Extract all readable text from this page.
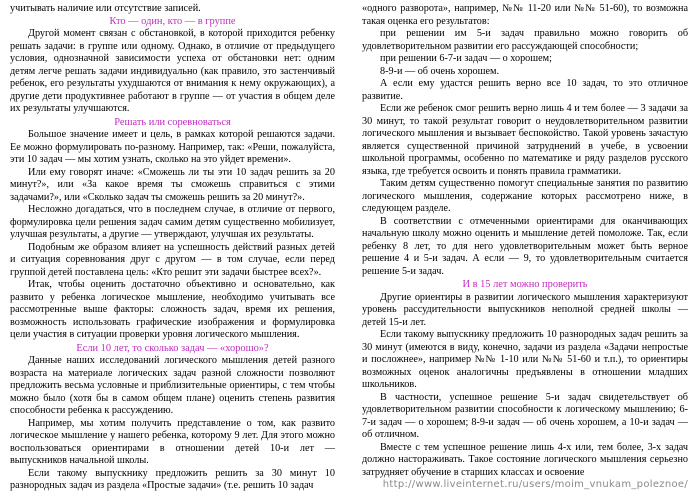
учитывать наличие или отсутствие записей.

Кто — один, кто — в группе

Другой момент связан с обстановкой, в которой приходится ребенку решать задачи: в группе или одному. Однако, в отличие от предыдущего условия, однозначной зависимости успеха от обстановки нет: одним детям легче решать задачи индивидуально (как правило, это застенчивый ребенок, его результаты ухудшаются от внимания к нему окружающих), а другие дети продуктивнее работают в группе — от участия в общем деле их результаты улучшаются.

Решать или соревноваться

Большое значение имеет и цель, в рамках которой решаются задачи. Ее можно формулировать по-разному. Например, так: «Реши, пожалуйста, эти 10 задач — мы хотим узнать, сколько на это уйдет времени».

Или ему говорят иначе: «Сможешь ли ты эти 10 задач решить за 20 минут?», или «За какое время ты сможешь справиться с этими задачами?», или «Сколько задач ты сможешь решить за 20 минут?».

Несложно догадаться, что в последнем случае, в отличие от первого, формулировка цели решения задач самим детям существенно мобилизует, улучшая результаты, а другие — утверждают, улучшая их результаты.

Подобным же образом влияет на успешность действий разных детей и ситуация соревнования друг с другом — в том случае, если перед группой детей поставлена цель: «Кто решит эти задачи быстрее всех?».

Итак, чтобы оценить достаточно объективно и основательно, как развито у ребенка логическое мышление, необходимо учитывать все рассмотренные выше факторы: сложность задач, время их решения, возможность использовать графические изображения и формулировка цели участия в ситуации проверки уровня логического мышления.

Если 10 лет, то сколько задач — «хорошо»?

Данные наших исследований логического мышления детей разного возраста на материале логических задач разной сложности позволяют предложить весьма условные и приблизительные ориентиры, с тем чтобы можно было (хотя бы в самом общем плане) оценить степень развития способности ребенка к рассуждению.

Например, мы хотим получить представление о том, как развито логическое мышление у нашего ребенка, которому 9 лет. Для этого можно воспользоваться ориентирами в отношении детей 10-и лет — выпускников начальной школы.

Если такому выпускнику предложить решить за 30 минут 10 разнородных задач из раздела «Простые задачи» (т.е. решить 10 задач

«одного разворота», например, №№ 11-20 или №№ 51-60), то возможна такая оценка его результатов:

при решении им 5-и задач правильно можно говорить об удовлетворительном развитии его рассуждающей способности;

при решении 6-7-и задач — о хорошем;

8-9-и — об очень хорошем.

А если ему удастся решить верно все 10 задач, то это отличное развитие.

Если же ребенок смог решить верно лишь 4 и тем более — 3 задачи за 30 минут, то такой результат говорит о неудовлетворительном развитии логического мышления и вызывает беспокойство. Такой уровень зачастую является существенной причиной затруднений в учебе, в усвоении школьной программы, особенно по математике и ряду разделов русского языка, где требуется освоить и понять правила грамматики.

Таким детям существенно помогут специальные занятия по развитию логического мышления, содержание которых рассмотрено ниже, в следующем разделе.

В соответствии с отмеченными ориентирами для оканчивающих начальную школу можно оценить и мышление детей помоложе. Так, если ребенку 8 лет, то для него удовлетворительным может быть верное решение 4 и 5-и задач. А если — 9, то удовлетворительным считается решение 5-и задач.

И в 15 лет можно проверить

Другие ориентиры в развитии логического мышления характеризуют уровень рассудительности выпускников неполной средней школы — детей 15-и лет.

Если такому выпускнику предложить 10 разнородных задач решить за 30 минут (имеются в виду, конечно, задачи из раздела «Задачи непростые и посложнее», например №№ 1-10 или №№ 51-60 и т.п.), то ориентиры возможных оценок аналогичны предъявлены в отношении младших школьников.

В частности, успешное решение 5-и задач свидетельствует об удовлетворительном развитии способности к логическому мышлению; 6-7-и задач — о хорошем; 8-9-и задач — об очень хорошем, а 10-и задач — об отличном.

Вместе с тем успешное решение лишь 4-х или, тем более, 3-х задач должно настораживать. Такое состояние логического мышления серьезно затрудняет обучение в старших классах и освоение

http://www.liveinternet.ru/users/moim_vnukam_poleznoe/
